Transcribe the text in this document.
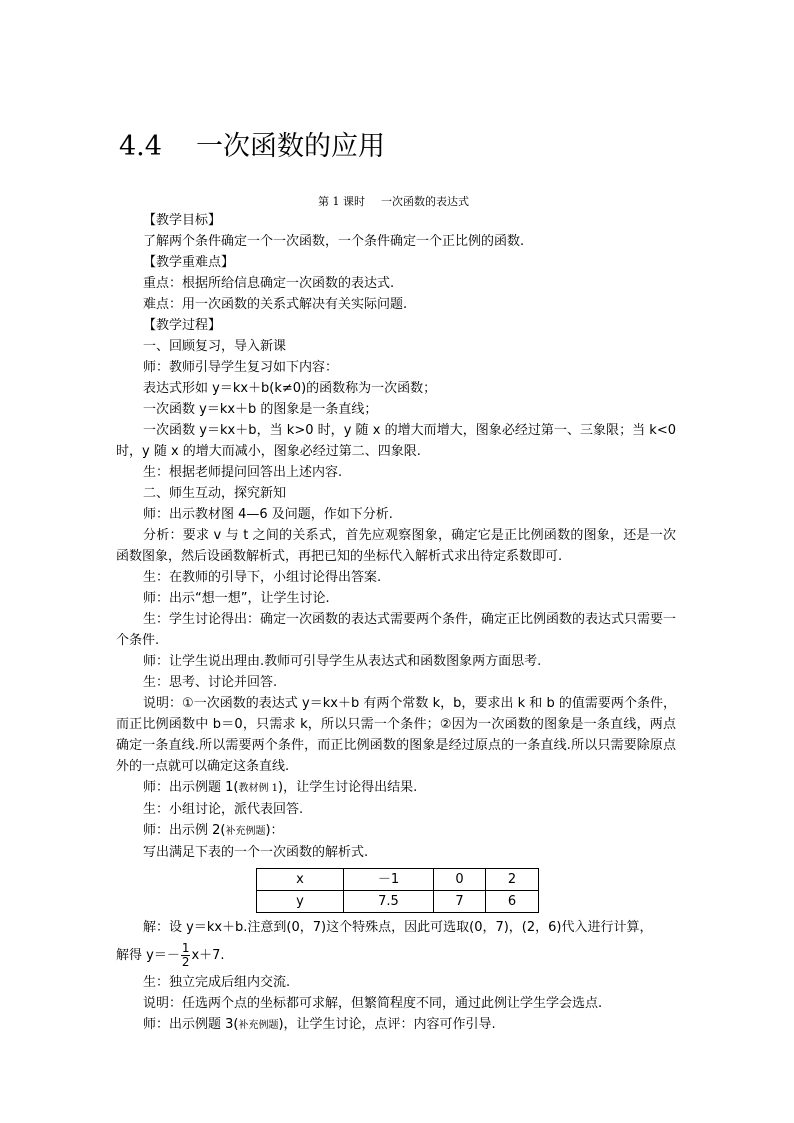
4.4 一次函数的应用
第 1 课时 一次函数的表达式

【教学目标】

了解两个条件确定一个一次函数，一个条件确定一个正比例的函数.

【教学重难点】

重点：根据所给信息确定一次函数的表达式.

难点：用一次函数的关系式解决有关实际问题.

【教学过程】

一、回顾复习，导入新课

师：教师引导学生复习如下内容：

表达式形如 y＝kx＋b(k≠0)的函数称为一次函数；

一次函数 y＝kx＋b 的图象是一条直线；

一次函数 y＝kx＋b，当 k>0 时，y 随 x 的增大而增大，图象必经过第一、三象限；当 k<0 时，y 随 x 的增大而减小，图象必经过第二、四象限.

生：根据老师提问回答出上述内容.

二、师生互动，探究新知

师：出示教材图 4—6 及问题，作如下分析.

分析：要求 v 与 t 之间的关系式，首先应观察图象，确定它是正比例函数的图象，还是一次函数图象，然后设函数解析式，再把已知的坐标代入解析式求出待定系数即可.

生：在教师的引导下，小组讨论得出答案.

师：出示“想一想”，让学生讨论.

生：学生讨论得出：确定一次函数的表达式需要两个条件，确定正比例函数的表达式只需要一个条件.

师：让学生说出理由.教师可引导学生从表达式和函数图象两方面思考.

生：思考、讨论并回答.

说明：①一次函数的表达式 y＝kx＋b 有两个常数 k，b，要求出 k 和 b 的值需要两个条件，而正比例函数中 b＝0，只需求 k，所以只需一个条件；②因为一次函数的图象是一条直线，两点确定一条直线.所以需要两个条件，而正比例函数的图象是经过原点的一条直线.所以只需要除原点外的一点就可以确定这条直线.

师：出示例题 1(教材例 1)，让学生讨论得出结果.

生：小组讨论，派代表回答.

师：出示例 2(补充例题)：

写出满足下表的一个一次函数的解析式.

x	－1	0	2
y	7.5	7	6

解：设 y＝kx＋b.注意到(0，7)这个特殊点，因此可选取(0，7)，(2，6)代入进行计算，

解得 $y=- \frac{1}{2} x+7$.

生：独立完成后组内交流.

说明：任选两个点的坐标都可求解，但繁简程度不同，通过此例让学生学会选点.

师：出示例题 3(补充例题)，让学生讨论，点评：内容可作引导.
